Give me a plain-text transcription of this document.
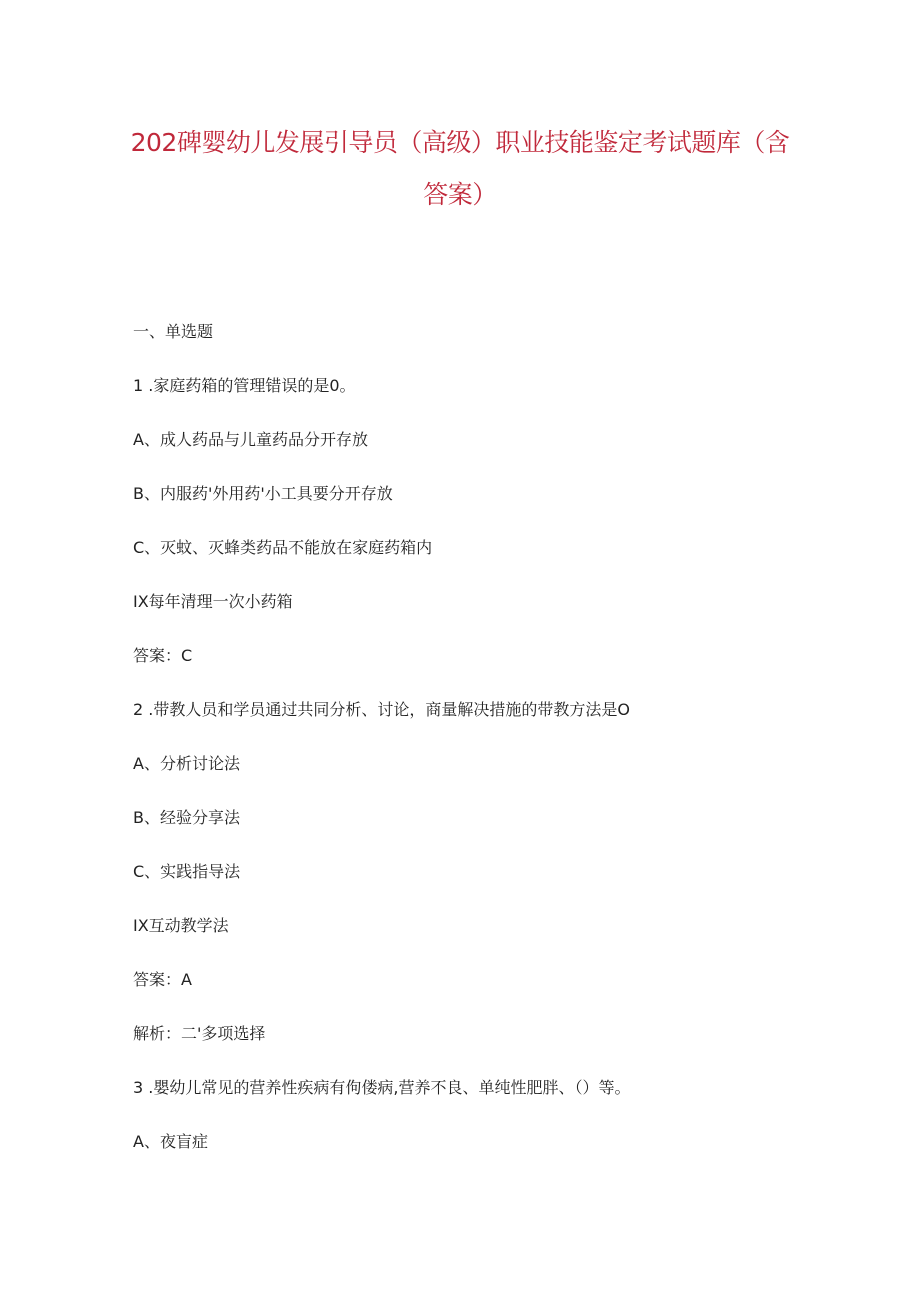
202碑婴幼儿发展引导员（高级）职业技能鉴定考试题库（含
答案）
一、单选题
1 .家庭药箱的管理错误的是0。
A、成人药品与儿童药品分开存放
B、内服药'外用药'小工具要分开存放
C、灭蚊、灭蜂类药品不能放在家庭药箱内
IX每年清理一次小药箱
答案：C
2 .带教人员和学员通过共同分析、讨论，商量解决措施的带教方法是O
A、分析讨论法
B、经验分享法
C、实践指导法
IX互动教学法
答案：A
解析：二'多项选择
3 .嬰幼儿常见的营养性疾病有佝偻病,营养不良、单纯性肥胖、（）等。
A、夜盲症
